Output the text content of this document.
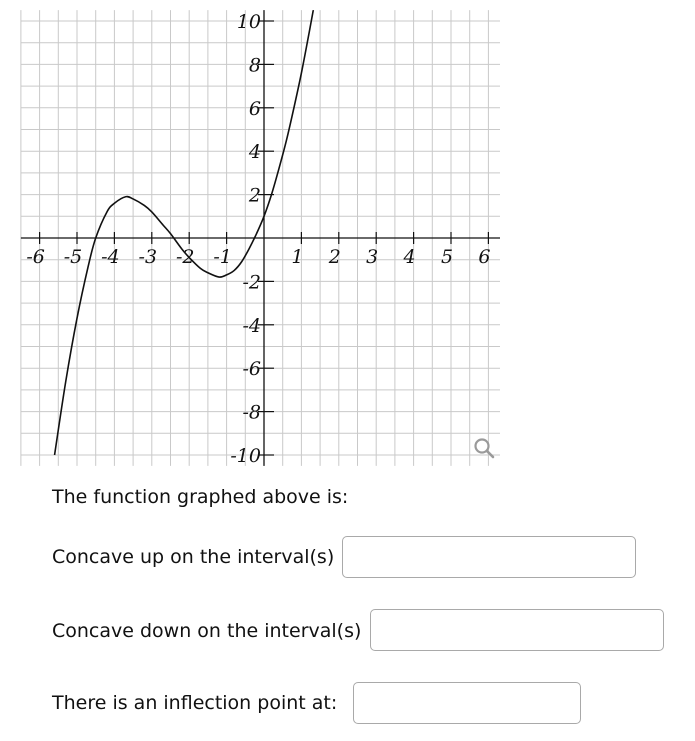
-6 -5 -4 -3 -2 -1	1 2 3 4 5 6
10
8
6
4
2
-2
-4
-6
-8
-10
The function graphed above is:
Concave up on the interval(s)
Concave down on the interval(s)
There is an inflection point at:
